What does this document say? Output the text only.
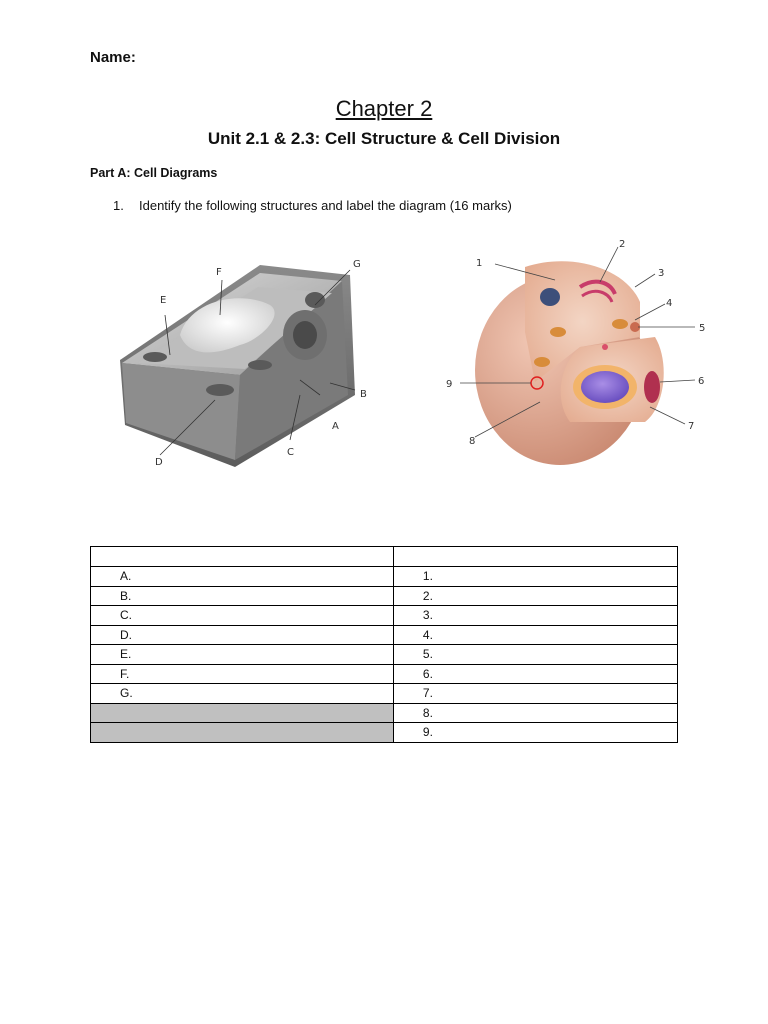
Name:
Chapter 2
Unit 2.1 & 2.3: Cell Structure & Cell Division
Part A: Cell Diagrams
1. Identify the following structures and label the diagram (16 marks)
A
B
C
D
E
F
G	1
2
3
4
5
6
7
8
9

A.	1.
B.	2.
C.	3.
D.	4.
E.	5.
F.	6.
G.	7.
	8.
	9.
